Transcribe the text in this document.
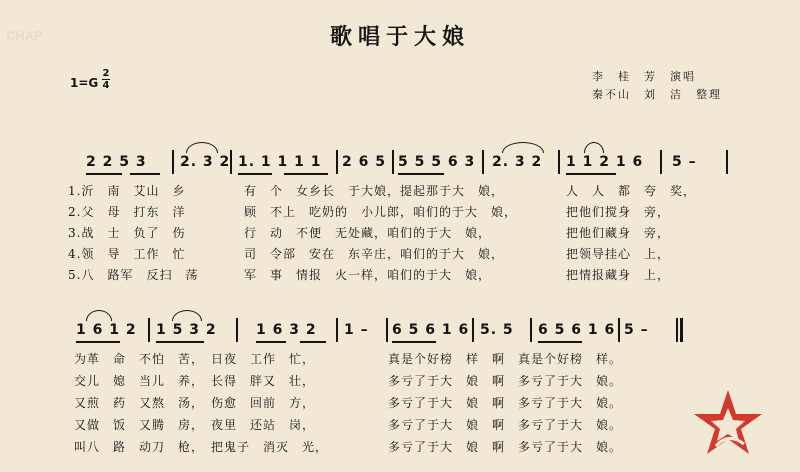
CHAP	歌唱于大娘
1=G
2
4
李　桂　芳　演唱
秦不山　刘　洁　整理
2 2 5 3 2. 3 2 1. 1 1 1 1 2 6 5 5 5 5 6 3 2. 3 2 1 1 2 1 6 5 –
1.沂　南　艾山　乡	有　个　女乡长　于大娘，提起那于大　娘，	人　人　都　夸　奖，
2.父　母　打东　洋	顾　不上　吃奶的　小儿郎，咱们的于大　娘，	把他们搅身　旁，
3.战　士　负了　伤	行　动　不便　无处藏，咱们的于大　娘，	把他们藏身　旁，
4.领　导　工作　忙	司　令部　安在　东辛庄，咱们的于大　娘，	把领导挂心　上，
5.八　路军　反扫　荡	军　事　情报　火一样，咱们的于大　娘，	把情报藏身　上，
1 6 1 2 1 5 3 2	1 6 3 2 1 – 6 5 6 1 6 5. 5 6 5 6 1 6 5 –
为革　命　不怕　苦，　日夜　工作　忙，	真是个好榜　样　啊　真是个好榜　样。
交儿　媳　当儿　养，　长得　胖又　壮，	多亏了于大　娘　啊　多亏了于大　娘。
又煎　药　又熬　汤，　伤愈　回前　方，	多亏了于大　娘　啊　多亏了于大　娘。
又做　饭　又腾　房，　夜里　还站　岗，	多亏了于大　娘　啊　多亏了于大　娘。
叫八　路　动刀　枪，　把鬼子　消灭　光，	多亏了于大　娘　啊　多亏了于大　娘。
